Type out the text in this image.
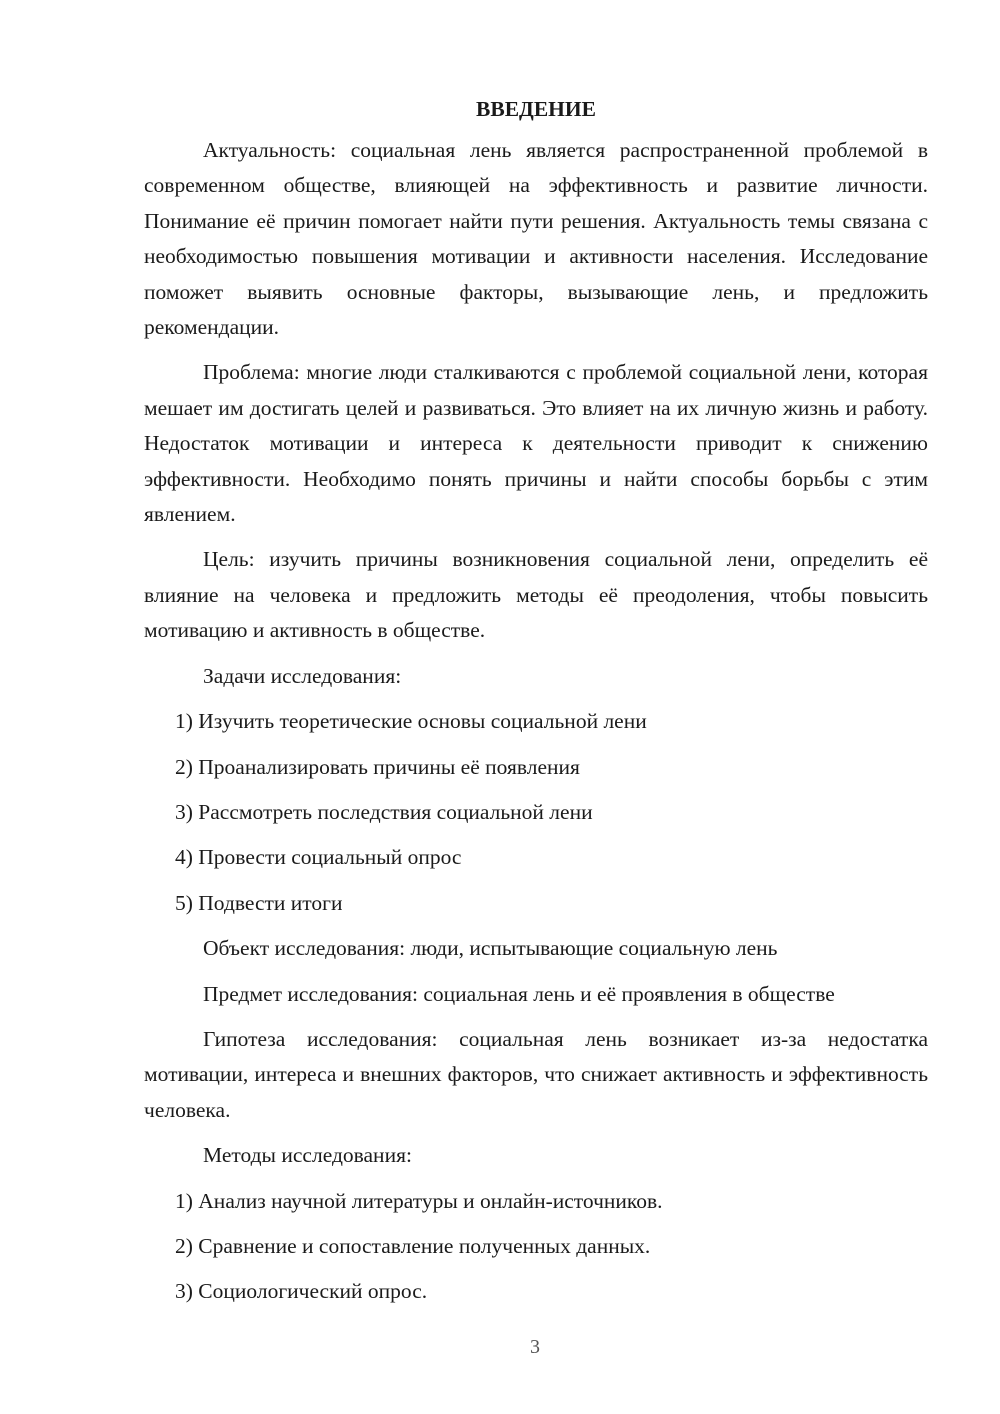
ВВЕДЕНИЕ

Актуальность: социальная лень является распространенной проблемой в современном обществе, влияющей на эффективность и развитие личности. Понимание её причин помогает найти пути решения. Актуальность темы связана с необходимостью повышения мотивации и активности населения. Исследование поможет выявить основные факторы, вызывающие лень, и предложить рекомендации.

Проблема: многие люди сталкиваются с проблемой социальной лени, которая мешает им достигать целей и развиваться. Это влияет на их личную жизнь и работу. Недостаток мотивации и интереса к деятельности приводит к снижению эффективности. Необходимо понять причины и найти способы борьбы с этим явлением.

Цель: изучить причины возникновения социальной лени, определить её влияние на человека и предложить методы её преодоления, чтобы повысить мотивацию и активность в обществе.

Задачи исследования:

1) Изучить теоретические основы социальной лени
2) Проанализировать причины её появления
3) Рассмотреть последствия социальной лени
4) Провести социальный опрос
5) Подвести итоги

Объект исследования: люди, испытывающие социальную лень

Предмет исследования: социальная лень и её проявления в обществе

Гипотеза исследования: социальная лень возникает из-за недостатка мотивации, интереса и внешних факторов, что снижает активность и эффективность человека.

Методы исследования:

1) Анализ научной литературы и онлайн-источников.
2) Сравнение и сопоставление полученных данных.
3) Социологический опрос.
3
